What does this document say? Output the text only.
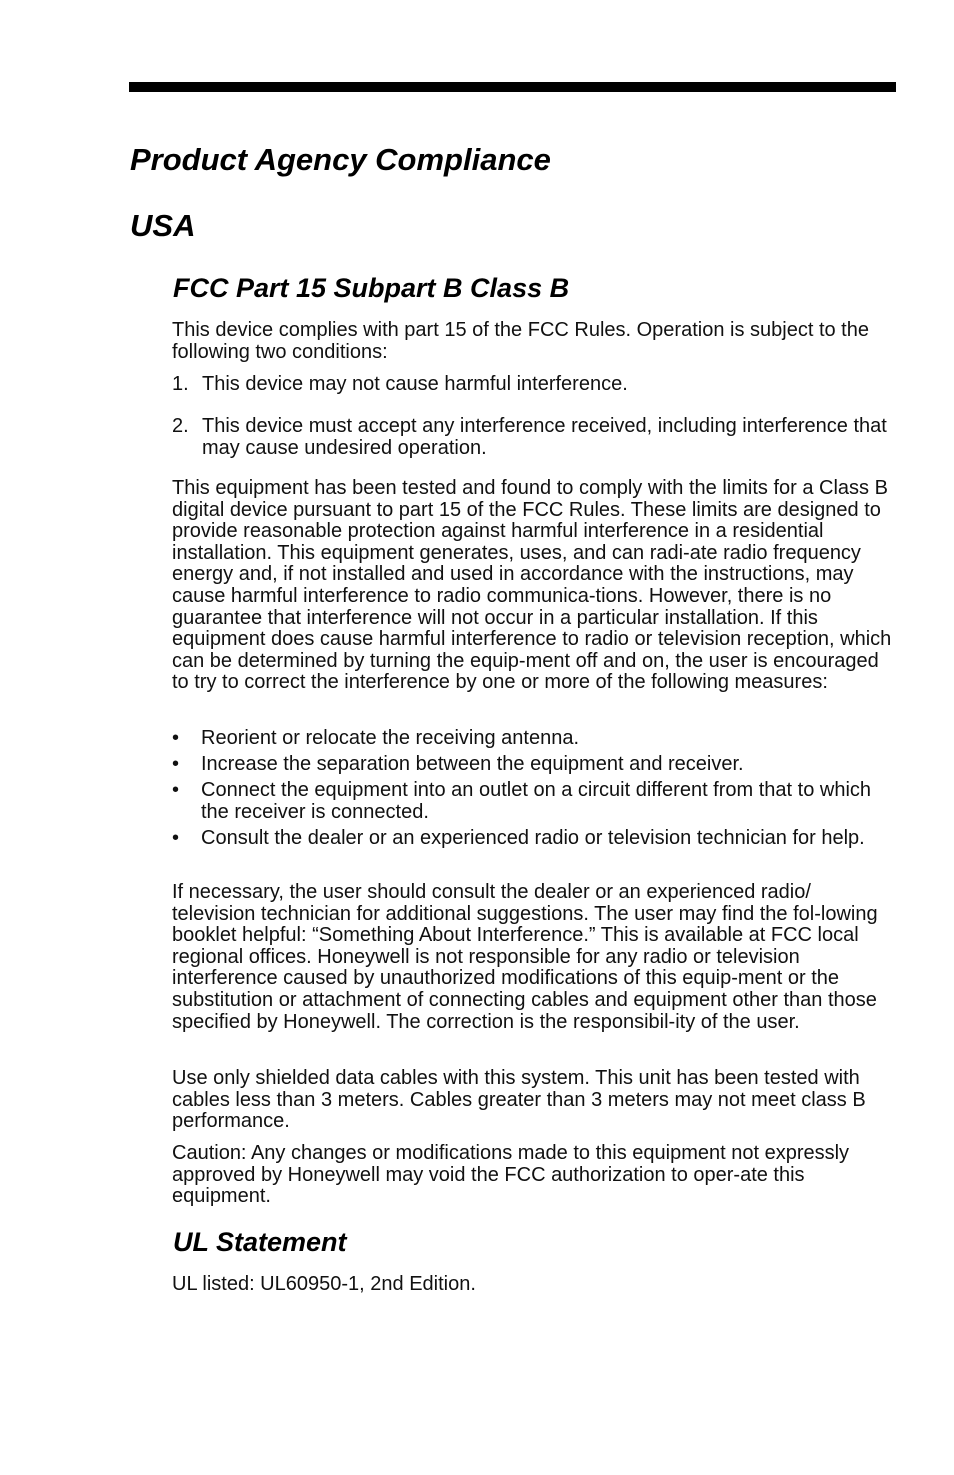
Product Agency Compliance
USA
FCC Part 15 Subpart B Class B

This device complies with part 15 of the FCC Rules. Operation is subject to the following two conditions:

1. This device may not cause harmful interference.
2. This device must accept any interference received, including interference that may cause undesired operation.

This equipment has been tested and found to comply with the limits for a Class B digital device pursuant to part 15 of the FCC Rules. These limits are designed to provide reasonable protection against harmful interference in a residential installation. This equipment generates, uses, and can radi-ate radio frequency energy and, if not installed and used in accordance with the instructions, may cause harmful interference to radio communica-tions. However, there is no guarantee that interference will not occur in a particular installation. If this equipment does cause harmful interference to radio or television reception, which can be determined by turning the equip-ment off and on, the user is encouraged to try to correct the interference by one or more of the following measures:

• Reorient or relocate the receiving antenna.
• Increase the separation between the equipment and receiver.
• Connect the equipment into an outlet on a circuit different from that to which the receiver is connected.
• Consult the dealer or an experienced radio or television technician for help.

If necessary, the user should consult the dealer or an experienced radio/ television technician for additional suggestions. The user may find the fol-lowing booklet helpful: “Something About Interference.” This is available at FCC local regional offices. Honeywell is not responsible for any radio or television interference caused by unauthorized modifications of this equip-ment or the substitution or attachment of connecting cables and equipment other than those specified by Honeywell. The correction is the responsibil-ity of the user.

Use only shielded data cables with this system. This unit has been tested with cables less than 3 meters. Cables greater than 3 meters may not meet class B performance.

Caution: Any changes or modifications made to this equipment not expressly approved by Honeywell may void the FCC authorization to oper-ate this equipment.

UL Statement

UL listed: UL60950-1, 2nd Edition.
